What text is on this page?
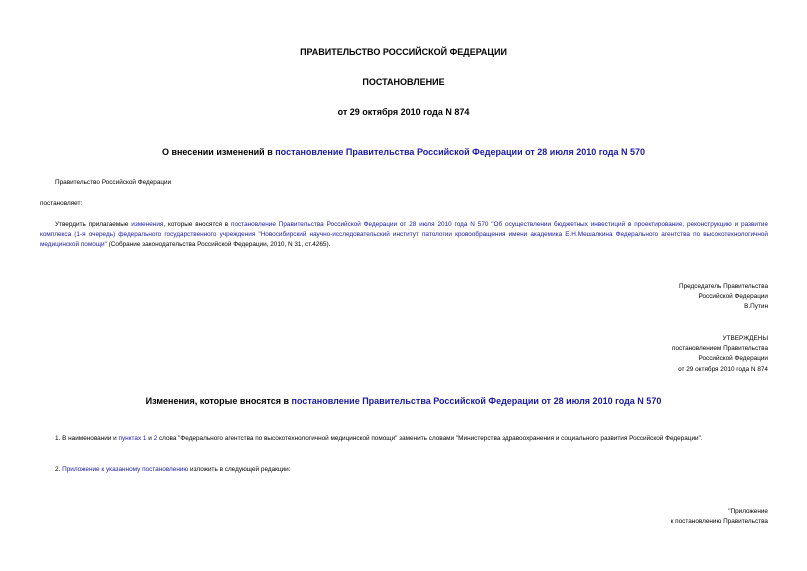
ПРАВИТЕЛЬСТВО РОССИЙСКОЙ ФЕДЕРАЦИИ
ПОСТАНОВЛЕНИЕ
от 29 октября 2010 года N 874
О внесении изменений в постановление Правительства Российской Федерации от 28 июля 2010 года N 570
Правительство Российской Федерации
постановляет:
Утвердить прилагаемые изменения, которые вносятся в постановление Правительства Российской Федерации от 28 июля 2010 года N 570 "Об осуществлении бюджетных инвестиций в проектирование, реконструкцию и развитие комплекса (1-я очередь) федерального государственного учреждения "Новосибирский научно-исследовательский институт патологии кровообращения имени академика Е.Н.Мешалкина Федерального агентства по высокотехнологичной медицинской помощи" (Собрание законодательства Российской Федерации, 2010, N 31, ст.4265).
Председатель Правительства
Российской Федерации
В.Путин
УТВЕРЖДЕНЫ
постановлением Правительства
Российской Федерации
от 29 октября 2010 года N 874
Изменения, которые вносятся в постановление Правительства Российской Федерации от 28 июля 2010 года N 570
1. В наименовании и пунктах 1 и 2 слова "Федерального агентства по высокотехнологичной медицинской помощи" заменить словами "Министерства здравоохранения и социального развития Российской Федерации".
2. Приложение к указанному постановлению изложить в следующей редакции:
"Приложение
к постановлению Правительства
